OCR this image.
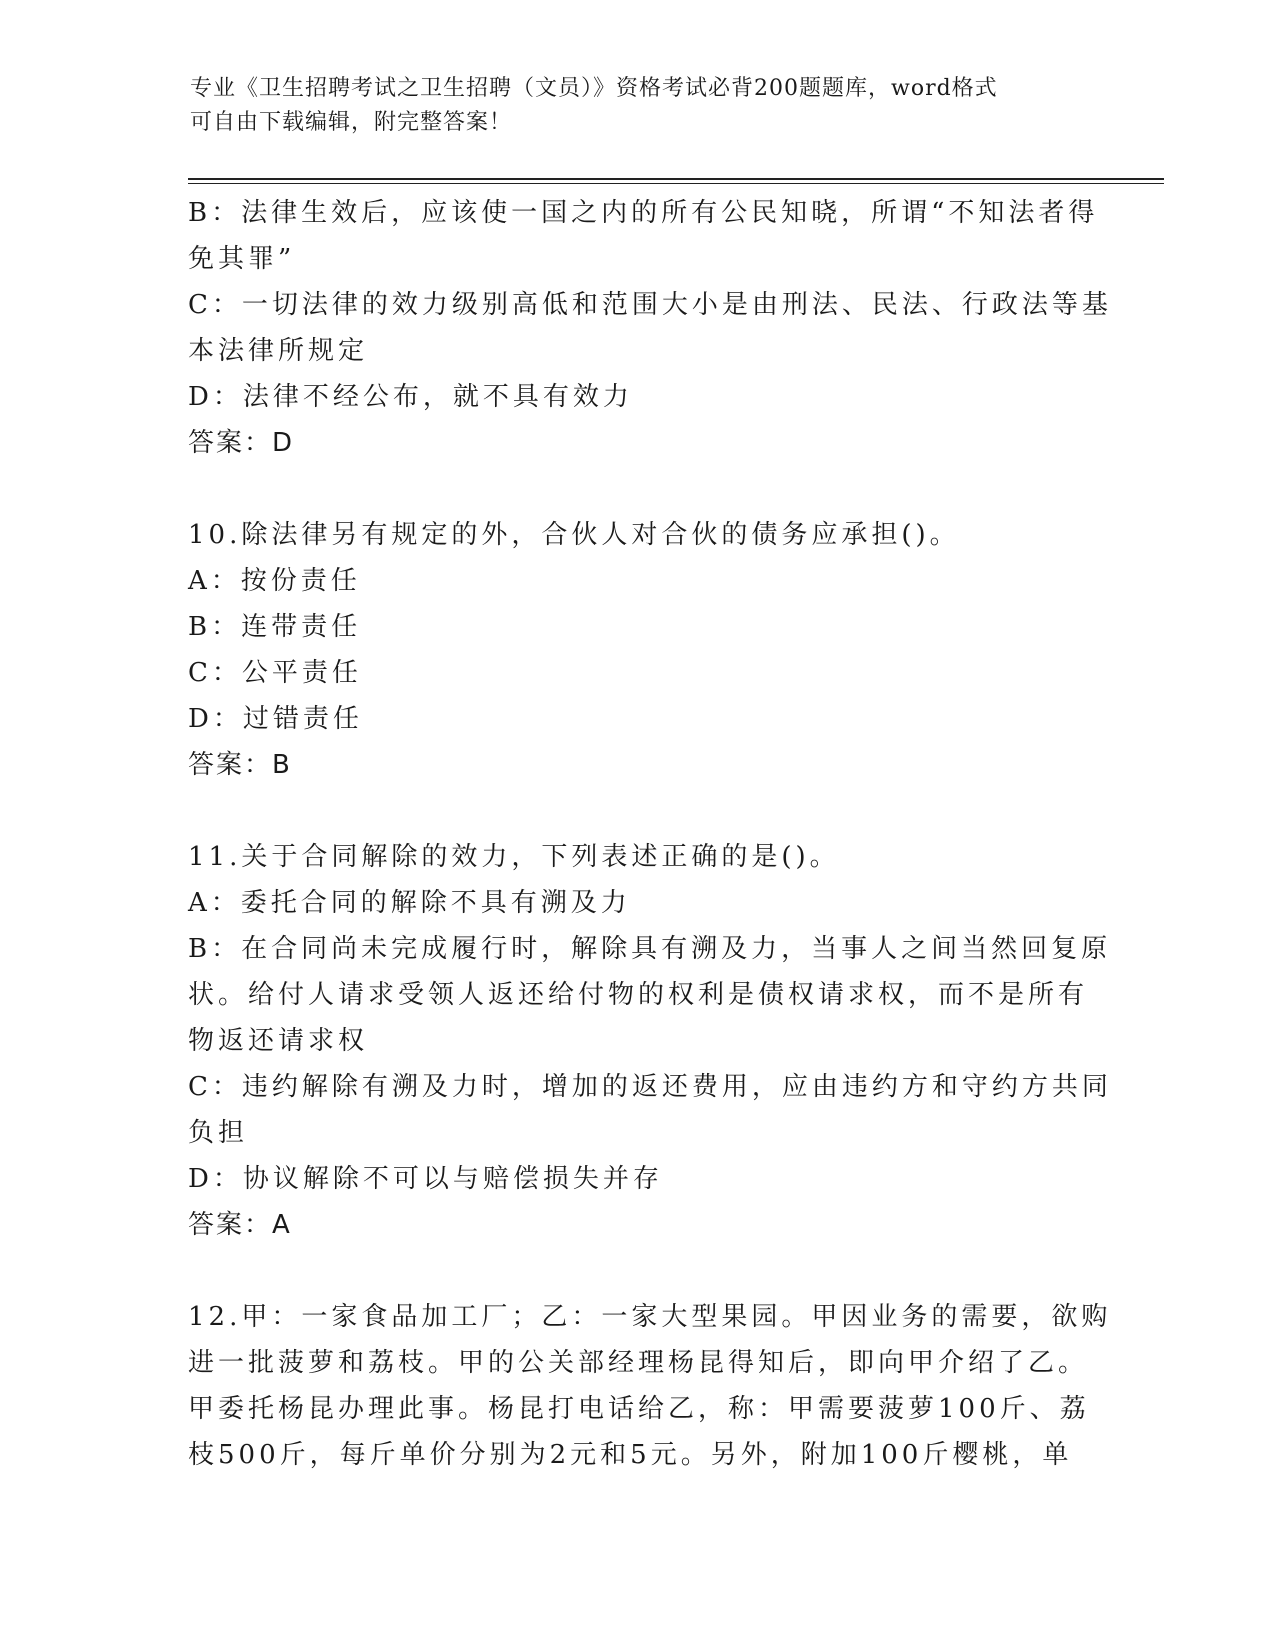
专业《卫生招聘考试之卫生招聘（文员）》资格考试必背200题题库，word格式
可自由下载编辑，附完整答案！
B：法律生效后，应该使一国之内的所有公民知晓，所谓“不知法者得
免其罪”
C：一切法律的效力级别高低和范围大小是由刑法、民法、行政法等基
本法律所规定
D：法律不经公布，就不具有效力
答案：D
10.除法律另有规定的外，合伙人对合伙的债务应承担()。
A：按份责任
B：连带责任
C：公平责任
D：过错责任
答案：B
11.关于合同解除的效力，下列表述正确的是()。
A：委托合同的解除不具有溯及力
B：在合同尚未完成履行时，解除具有溯及力，当事人之间当然回复原
状。给付人请求受领人返还给付物的权利是债权请求权，而不是所有
物返还请求权
C：违约解除有溯及力时，增加的返还费用，应由违约方和守约方共同
负担
D：协议解除不可以与赔偿损失并存
答案：A
12.甲：一家食品加工厂；乙：一家大型果园。甲因业务的需要，欲购
进一批菠萝和荔枝。甲的公关部经理杨昆得知后，即向甲介绍了乙。
甲委托杨昆办理此事。杨昆打电话给乙，称：甲需要菠萝100斤、荔
枝500斤，每斤单价分别为2元和5元。另外，附加100斤樱桃，单
